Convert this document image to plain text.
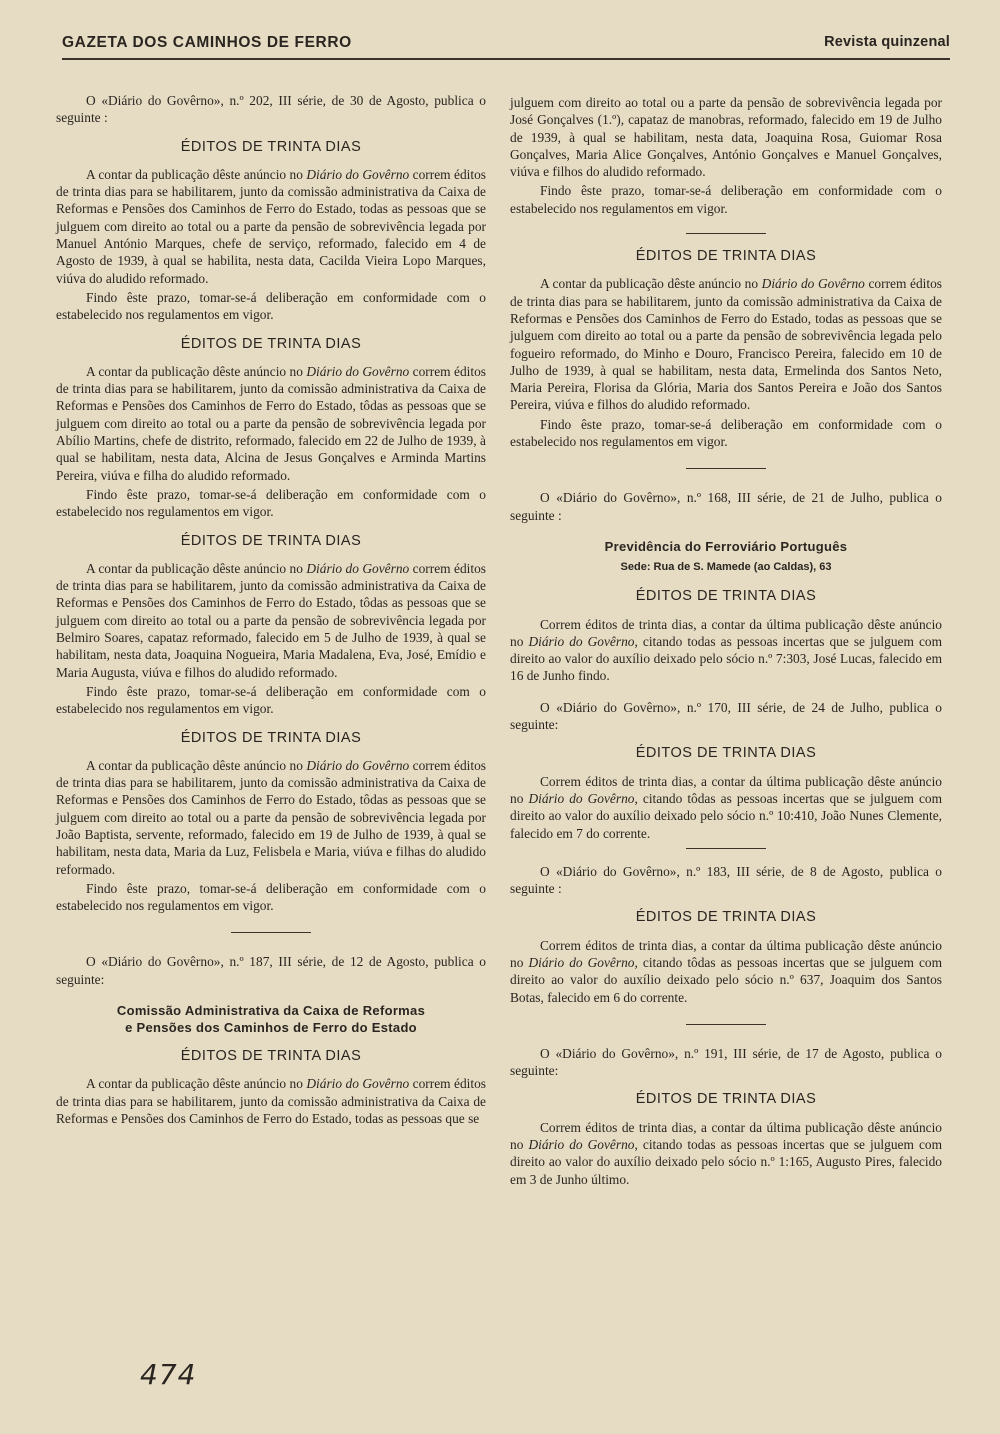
GAZETA DOS CAMINHOS DE FERRO	Revista quinzenal

O «Diário do Govêrno», n.º 202, III série, de 30 de Agosto, publica o seguinte :

ÉDITOS DE TRINTA DIAS

A contar da publicação dêste anúncio no Diário do Govêrno correm éditos de trinta dias para se habilitarem, junto da comissão administrativa da Caixa de Reformas e Pensões dos Caminhos de Ferro do Estado, todas as pessoas que se julguem com direito ao total ou a parte da pensão de sobrevivência legada por Manuel António Marques, chefe de serviço, reformado, falecido em 4 de Agosto de 1939, à qual se habilita, nesta data, Cacilda Vieira Lopo Marques, viúva do aludido reformado.

Findo êste prazo, tomar-se-á deliberação em conformidade com o estabelecido nos regulamentos em vigor.

ÉDITOS DE TRINTA DIAS

A contar da publicação dêste anúncio no Diário do Govêrno correm éditos de trinta dias para se habilitarem, junto da comissão administrativa da Caixa de Reformas e Pensões dos Caminhos de Ferro do Estado, tôdas as pessoas que se julguem com direito ao total ou a parte da pensão de sobrevivência legada por Abílio Martins, chefe de distrito, reformado, falecido em 22 de Julho de 1939, à qual se habilitam, nesta data, Alcina de Jesus Gonçalves e Arminda Martins Pereira, viúva e filha do aludido reformado.

Findo êste prazo, tomar-se-á deliberação em conformidade com o estabelecido nos regulamentos em vigor.

ÉDITOS DE TRINTA DIAS

A contar da publicação dêste anúncio no Diário do Govêrno correm éditos de trinta dias para se habilitarem, junto da comissão administrativa da Caixa de Reformas e Pensões dos Caminhos de Ferro do Estado, tôdas as pessoas que se julguem com direito ao total ou a parte da pensão de sobrevivência legada por Belmiro Soares, capataz reformado, falecido em 5 de Julho de 1939, à qual se habilitam, nesta data, Joaquina Nogueira, Maria Madalena, Eva, José, Emídio e Maria Augusta, viúva e filhos do aludido reformado.

Findo êste prazo, tomar-se-á deliberação em conformidade com o estabelecido nos regulamentos em vigor.

ÉDITOS DE TRINTA DIAS

A contar da publicação dêste anúncio no Diário do Govêrno correm éditos de trinta dias para se habilitarem, junto da comissão administrativa da Caixa de Reformas e Pensões dos Caminhos de Ferro do Estado, tôdas as pessoas que se julguem com direito ao total ou a parte da pensão de sobrevivência legada por João Baptista, servente, reformado, falecido em 19 de Julho de 1939, à qual se habilitam, nesta data, Maria da Luz, Felisbela e Maria, viúva e filhas do aludido reformado.

Findo êste prazo, tomar-se-á deliberação em conformidade com o estabelecido nos regulamentos em vigor.

O «Diário do Govêrno», n.º 187, III série, de 12 de Agosto, publica o seguinte:

Comissão Administrativa da Caixa de Reformas
e Pensões dos Caminhos de Ferro do Estado
ÉDITOS DE TRINTA DIAS

A contar da publicação dêste anúncio no Diário do Govêrno correm éditos de trinta dias para se habilitarem, junto da comissão administrativa da Caixa de Reformas e Pensões dos Caminhos de Ferro do Estado, todas as pessoas que se

julguem com direito ao total ou a parte da pensão de sobrevivência legada por José Gonçalves (1.º), capataz de manobras, reformado, falecido em 19 de Julho de 1939, à qual se habilitam, nesta data, Joaquina Rosa, Guiomar Rosa Gonçalves, Maria Alice Gonçalves, António Gonçalves e Manuel Gonçalves, viúva e filhos do aludido reformado.

Findo êste prazo, tomar-se-á deliberação em conformidade com o estabelecido nos regulamentos em vigor.

ÉDITOS DE TRINTA DIAS

A contar da publicação dêste anúncio no Diário do Govêrno correm éditos de trinta dias para se habilitarem, junto da comissão administrativa da Caixa de Reformas e Pensões dos Caminhos de Ferro do Estado, todas as pessoas que se julguem com direito ao total ou a parte da pensão de sobrevivência legada pelo fogueiro reformado, do Minho e Douro, Francisco Pereira, falecido em 10 de Julho de 1939, à qual se habilitam, nesta data, Ermelinda dos Santos Neto, Maria Pereira, Florisa da Glória, Maria dos Santos Pereira e João dos Santos Pereira, viúva e filhos do aludido reformado.

Findo êste prazo, tomar-se-á deliberação em conformidade com o estabelecido nos regulamentos em vigor.

O «Diário do Govêrno», n.º 168, III série, de 21 de Julho, publica o seguinte :

Previdência do Ferroviário Português
Sede: Rua de S. Mamede (ao Caldas), 63
ÉDITOS DE TRINTA DIAS

Correm éditos de trinta dias, a contar da última publicação dêste anúncio no Diário do Govêrno, citando todas as pessoas incertas que se julguem com direito ao valor do auxílio deixado pelo sócio n.º 7:303, José Lucas, falecido em 16 de Junho findo.

O «Diário do Govêrno», n.º 170, III série, de 24 de Julho, publica o seguinte:

ÉDITOS DE TRINTA DIAS

Correm éditos de trinta dias, a contar da última publicação dêste anúncio no Diário do Govêrno, citando tôdas as pessoas incertas que se julguem com direito ao valor do auxílio deixado pelo sócio n.º 10:410, João Nunes Clemente, falecido em 7 do corrente.

O «Diário do Govêrno», n.º 183, III série, de 8 de Agosto, publica o seguinte :

ÉDITOS DE TRINTA DIAS

Correm éditos de trinta dias, a contar da última publicação dêste anúncio no Diário do Govêrno, citando tôdas as pessoas incertas que se julguem com direito ao valor do auxílio deixado pelo sócio n.º 637, Joaquim dos Santos Botas, falecido em 6 do corrente.

O «Diário do Govêrno», n.º 191, III série, de 17 de Agosto, publica o seguinte:

ÉDITOS DE TRINTA DIAS

Correm éditos de trinta dias, a contar da última publicação dêste anúncio no Diário do Govêrno, citando todas as pessoas incertas que se julguem com direito ao valor do auxílio deixado pelo sócio n.º 1:165, Augusto Pires, falecido em 3 de Junho último.

474
